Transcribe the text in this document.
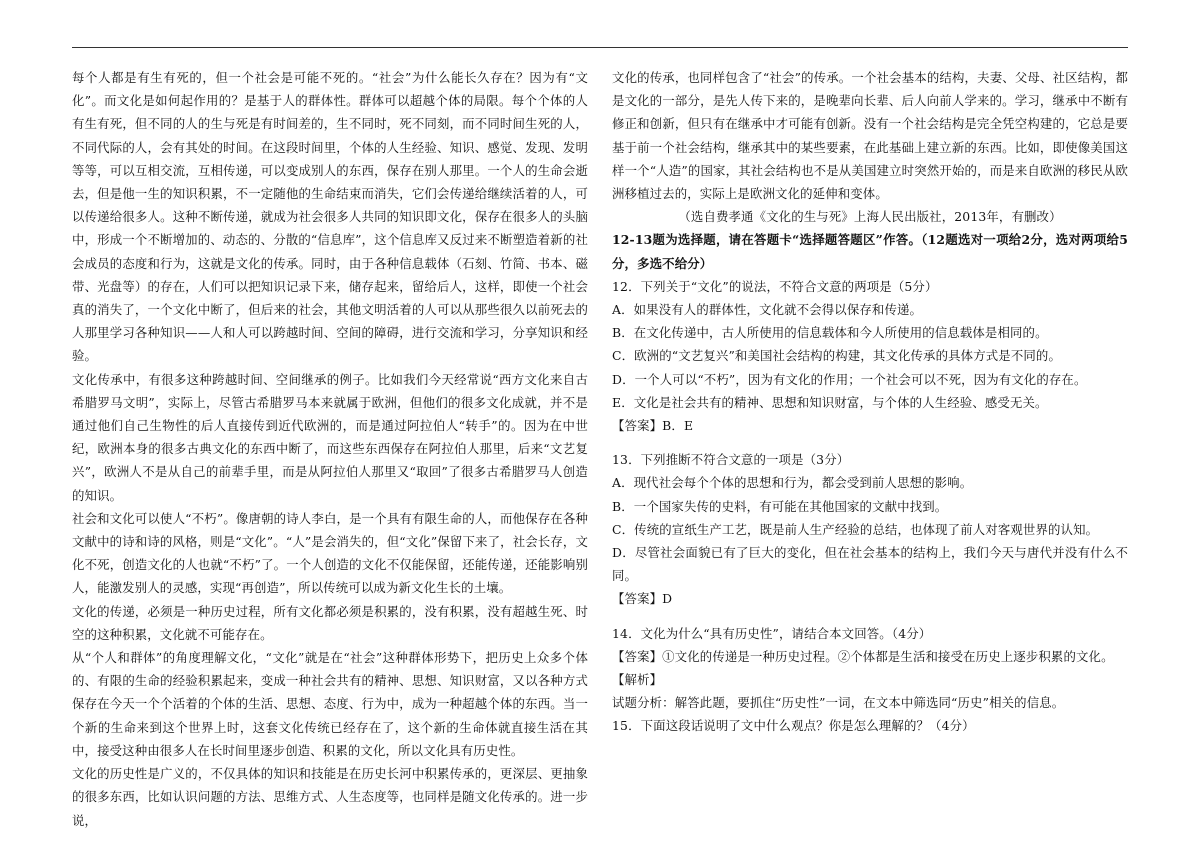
每个人都是有生有死的，但一个社会是可能不死的。“社会”为什么能长久存在？因为有“文化”。而文化是如何起作用的？是基于人的群体性。群体可以超越个体的局限。每个个体的人有生有死，但不同的人的生与死是有时间差的，生不同时，死不同刻，而不同时间生死的人，不同代际的人，会有其处的时间。在这段时间里，个体的人生经验、知识、感觉、发现、发明等等，可以互相交流，互相传递，可以变成别人的东西，保存在别人那里。一个人的生命会逝去，但是他一生的知识积累，不一定随他的生命结束而消失，它们会传递给继续活着的人，可以传递给很多人。这种不断传递，就成为社会很多人共同的知识即文化，保存在很多人的头脑中，形成一个不断增加的、动态的、分散的“信息库”，这个信息库又反过来不断塑造着新的社会成员的态度和行为，这就是文化的传承。同时，由于各种信息载体（石刻、竹简、书本、磁带、光盘等）的存在，人们可以把知识记录下来，储存起来，留给后人，这样，即使一个社会真的消失了，一个文化中断了，但后来的社会，其他文明活着的人可以从那些很久以前死去的人那里学习各种知识——人和人可以跨越时间、空间的障碍，进行交流和学习，分享知识和经验。

文化传承中，有很多这种跨越时间、空间继承的例子。比如我们今天经常说“西方文化来自古希腊罗马文明”，实际上，尽管古希腊罗马本来就属于欧洲，但他们的很多文化成就，并不是通过他们自己生物性的后人直接传到近代欧洲的，而是通过阿拉伯人“转手”的。因为在中世纪，欧洲本身的很多古典文化的东西中断了，而这些东西保存在阿拉伯人那里，后来“文艺复兴”，欧洲人不是从自己的前辈手里，而是从阿拉伯人那里又“取回”了很多古希腊罗马人创造的知识。

社会和文化可以使人“不朽”。像唐朝的诗人李白，是一个具有有限生命的人，而他保存在各种文献中的诗和诗的风格，则是“文化”。“人”是会消失的，但“文化”保留下来了，社会长存，文化不死，创造文化的人也就“不朽”了。一个人创造的文化不仅能保留，还能传递，还能影响别人，能激发别人的灵感，实现“再创造”，所以传统可以成为新文化生长的土壤。

文化的传递，必须是一种历史过程，所有文化都必须是积累的，没有积累，没有超越生死、时空的这种积累，文化就不可能存在。

从“个人和群体”的角度理解文化，“文化”就是在“社会”这种群体形势下，把历史上众多个体的、有限的生命的经验积累起来，变成一种社会共有的精神、思想、知识财富，又以各种方式保存在今天一个个活着的个体的生活、思想、态度、行为中，成为一种超越个体的东西。当一个新的生命来到这个世界上时，这套文化传统已经存在了，这个新的生命体就直接生活在其中，接受这种由很多人在长时间里逐步创造、积累的文化，所以文化具有历史性。

文化的历史性是广义的，不仅具体的知识和技能是在历史长河中积累传承的，更深层、更抽象的很多东西，比如认识问题的方法、思维方式、人生态度等，也同样是随文化传承的。进一步说，

文化的传承，也同样包含了“社会”的传承。一个社会基本的结构，夫妻、父母、社区结构，都是文化的一部分，是先人传下来的，是晚辈向长辈、后人向前人学来的。学习，继承中不断有修正和创新，但只有在继承中才可能有创新。没有一个社会结构是完全凭空构建的，它总是要基于前一个社会结构，继承其中的某些要素，在此基础上建立新的东西。比如，即使像美国这样一个“人造”的国家，其社会结构也不是从美国建立时突然开始的，而是来自欧洲的移民从欧洲移植过去的，实际上是欧洲文化的延伸和变体。

（选自费孝通《文化的生与死》上海人民出版社，2013年，有删改）

12-13题为选择题，请在答题卡“选择题答题区”作答。（12题选对一项给2分，选对两项给5分，多选不给分）

12．下列关于“文化”的说法，不符合文意的两项是（5分）

A．如果没有人的群体性，文化就不会得以保存和传递。

B．在文化传递中，古人所使用的信息载体和今人所使用的信息载体是相同的。

C．欧洲的“文艺复兴”和美国社会结构的构建，其文化传承的具体方式是不同的。

D．一个人可以“不朽”，因为有文化的作用；一个社会可以不死，因为有文化的存在。

E．文化是社会共有的精神、思想和知识财富，与个体的人生经验、感受无关。

【答案】B．E

13．下列推断不符合文意的一项是（3分）

A．现代社会每个个体的思想和行为，都会受到前人思想的影响。

B．一个国家失传的史料，有可能在其他国家的文献中找到。

C．传统的宣纸生产工艺，既是前人生产经验的总结，也体现了前人对客观世界的认知。

D．尽管社会面貌已有了巨大的变化，但在社会基本的结构上，我们今天与唐代并没有什么不同。

【答案】D

14．文化为什么“具有历史性”，请结合本文回答。（4分）

【答案】①文化的传递是一种历史过程。②个体都是生活和接受在历史上逐步积累的文化。

【解析】

试题分析：解答此题，要抓住“历史性”一词，在文本中筛选同“历史”相关的信息。

15．下面这段话说明了文中什么观点？你是怎么理解的？（4分）
